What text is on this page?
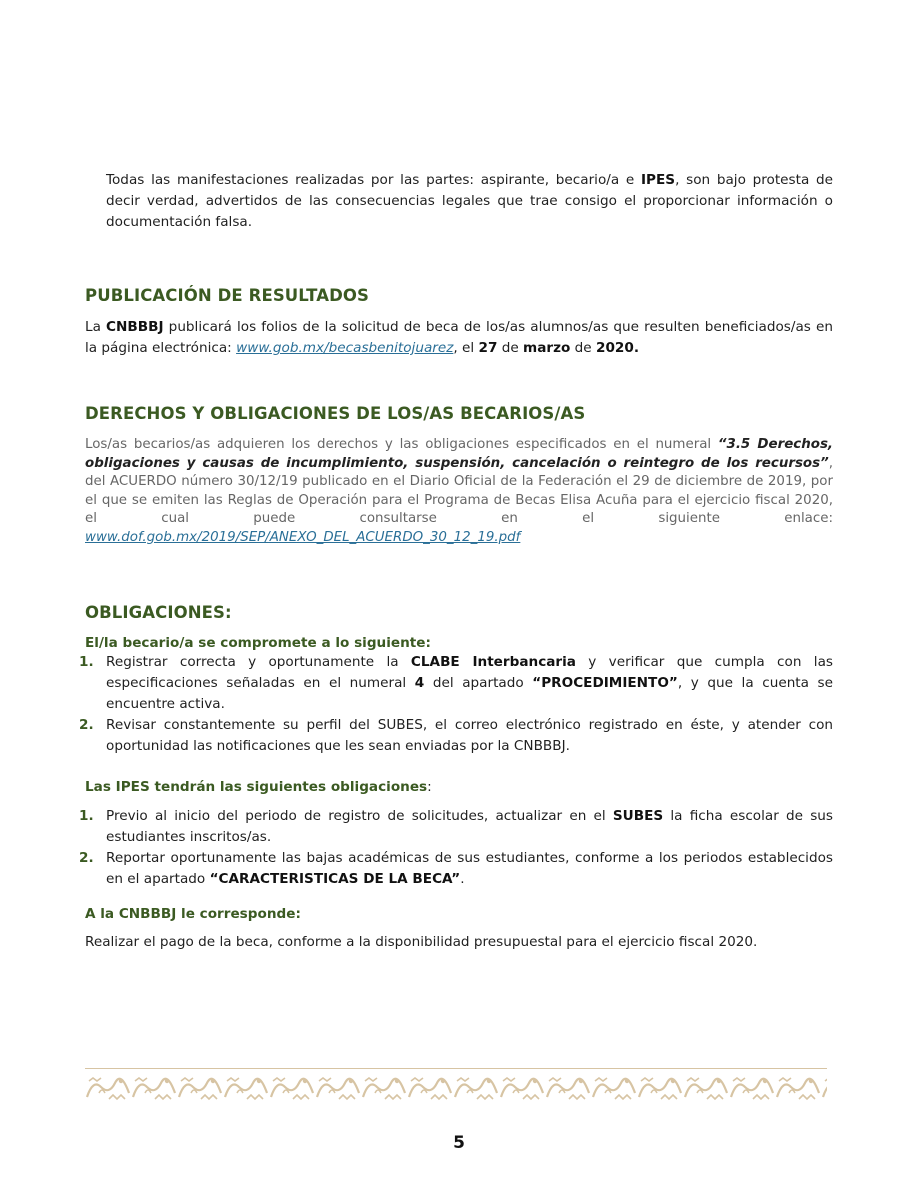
Todas las manifestaciones realizadas por las partes: aspirante, becario/a e IPES, son bajo protesta de decir verdad, advertidos de las consecuencias legales que trae consigo el proporcionar información o documentación falsa.

PUBLICACIÓN DE RESULTADOS

La CNBBBJ publicará los folios de la solicitud de beca de los/as alumnos/as que resulten beneficiados/as en la página electrónica: www.gob.mx/becasbenitojuarez, el 27 de marzo de 2020.

DERECHOS Y OBLIGACIONES DE LOS/AS BECARIOS/AS

Los/as becarios/as adquieren los derechos y las obligaciones especificados en el numeral “3.5 Derechos, obligaciones y causas de incumplimiento, suspensión, cancelación o reintegro de los recursos”, del ACUERDO número 30/12/19 publicado en el Diario Oficial de la Federación el 29 de diciembre de 2019, por el que se emiten las Reglas de Operación para el Programa de Becas Elisa Acuña para el ejercicio fiscal 2020, el cual puede consultarse en el siguiente enlace: www.dof.gob.mx/2019/SEP/ANEXO_DEL_ACUERDO_30_12_19.pdf

OBLIGACIONES:
El/la becario/a se compromete a lo siguiente:
1. Registrar correcta y oportunamente la CLABE Interbancaria y verificar que cumpla con las especificaciones señaladas en el numeral 4 del apartado “PROCEDIMIENTO”, y que la cuenta se encuentre activa.
2. Revisar constantemente su perfil del SUBES, el correo electrónico registrado en éste, y atender con oportunidad las notificaciones que les sean enviadas por la CNBBBJ.
Las IPES tendrán las siguientes obligaciones:
1. Previo al inicio del periodo de registro de solicitudes, actualizar en el SUBES la ficha escolar de sus estudiantes inscritos/as.
2. Reportar oportunamente las bajas académicas de sus estudiantes, conforme a los periodos establecidos en el apartado “CARACTERISTICAS DE LA BECA”.
A la CNBBBJ le corresponde:

Realizar el pago de la beca, conforme a la disponibilidad presupuestal para el ejercicio fiscal 2020.

5
